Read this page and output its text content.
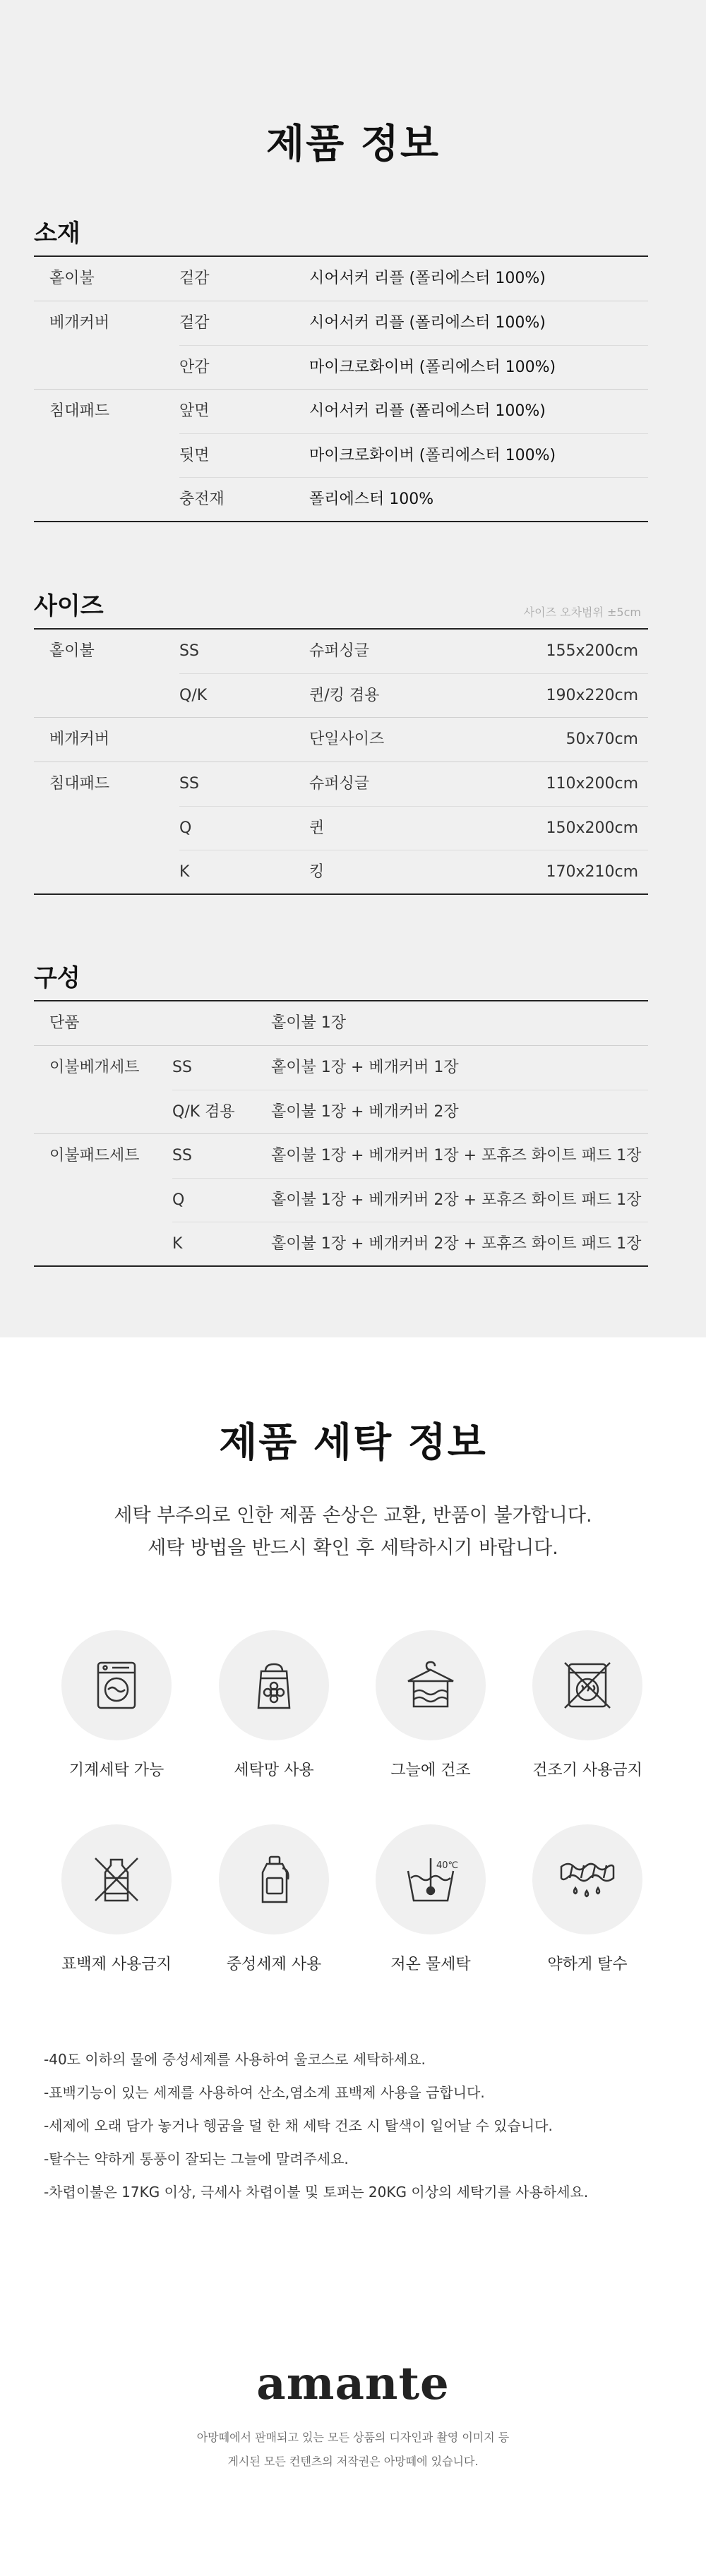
제품 정보
소재
홑이불	겉감	시어서커 리플 (폴리에스터 100%)
베개커버	겉감	시어서커 리플 (폴리에스터 100%)
안감	마이크로화이버 (폴리에스터 100%)
침대패드	앞면	시어서커 리플 (폴리에스터 100%)
뒷면	마이크로화이버 (폴리에스터 100%)
충전재	폴리에스터 100%
사이즈	사이즈 오차범위 ±5cm
홑이불	SS	슈퍼싱글	155x200cm
Q/K	퀸/킹 겸용	190x220cm
베개커버	단일사이즈	50x70cm
침대패드	SS	슈퍼싱글	110x200cm
Q	퀸	150x200cm
K	킹	170x210cm
구성
단품	홑이불 1장
이불베개세트	SS	홑이불 1장 + 베개커버 1장
Q/K 겸용	홑이불 1장 + 베개커버 2장
이불패드세트	SS	홑이불 1장 + 베개커버 1장 + 포휴즈 화이트 패드 1장
Q	홑이불 1장 + 베개커버 2장 + 포휴즈 화이트 패드 1장
K	홑이불 1장 + 베개커버 2장 + 포휴즈 화이트 패드 1장
제품 세탁 정보
세탁 부주의로 인한 제품 손상은 교환, 반품이 불가합니다.
세탁 방법을 반드시 확인 후 세탁하시기 바랍니다.
기계세탁 가능	세탁망 사용	그늘에 건조	건조기 사용금지
표백제 사용금지	중성세제 사용
40℃
저온 물세탁	약하게 탈수
-40도 이하의 물에 중성세제를 사용하여 울코스로 세탁하세요.
-표백기능이 있는 세제를 사용하여 산소,염소계 표백제 사용을 금합니다.
-세제에 오래 담가 놓거나 헹굼을 덜 한 채 세탁 건조 시 탈색이 일어날 수 있습니다.
-탈수는 약하게 통풍이 잘되는 그늘에 말려주세요.
-차렵이불은 17KG 이상, 극세사 차렵이불 및 토퍼는 20KG 이상의 세탁기를 사용하세요.
amante
아망떼에서 판매되고 있는 모든 상품의 디자인과 촬영 이미지 등
게시된 모든 컨텐츠의 저작권은 아망떼에 있습니다.
